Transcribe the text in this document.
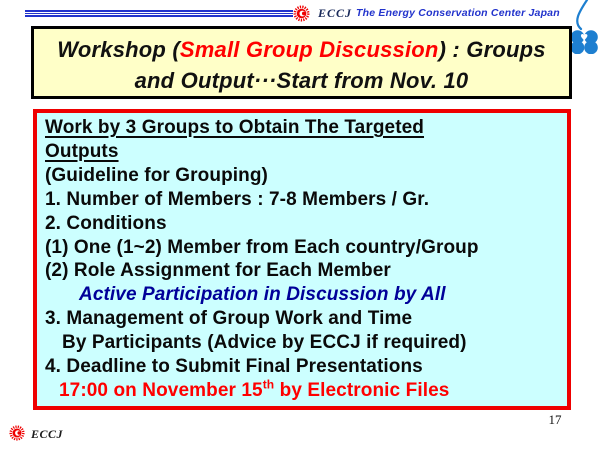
ECCJ The Energy Conservation Center Japan
♥
Workshop (Small Group Discussion) : Groups
and Output···Start from Nov. 10
Work by 3 Groups to Obtain The Targeted
Outputs
(Guideline for Grouping)
1. Number of Members : 7-8 Members / Gr.
2. Conditions
(1) One (1~2) Member from Each country/Group
(2) Role Assignment for Each Member
Active Participation in Discussion by All
3. Management of Group Work and Time
By Participants (Advice by ECCJ if required)
4. Deadline to Submit Final Presentations
17:00 on November 15th by Electronic Files
ECCJ
17
